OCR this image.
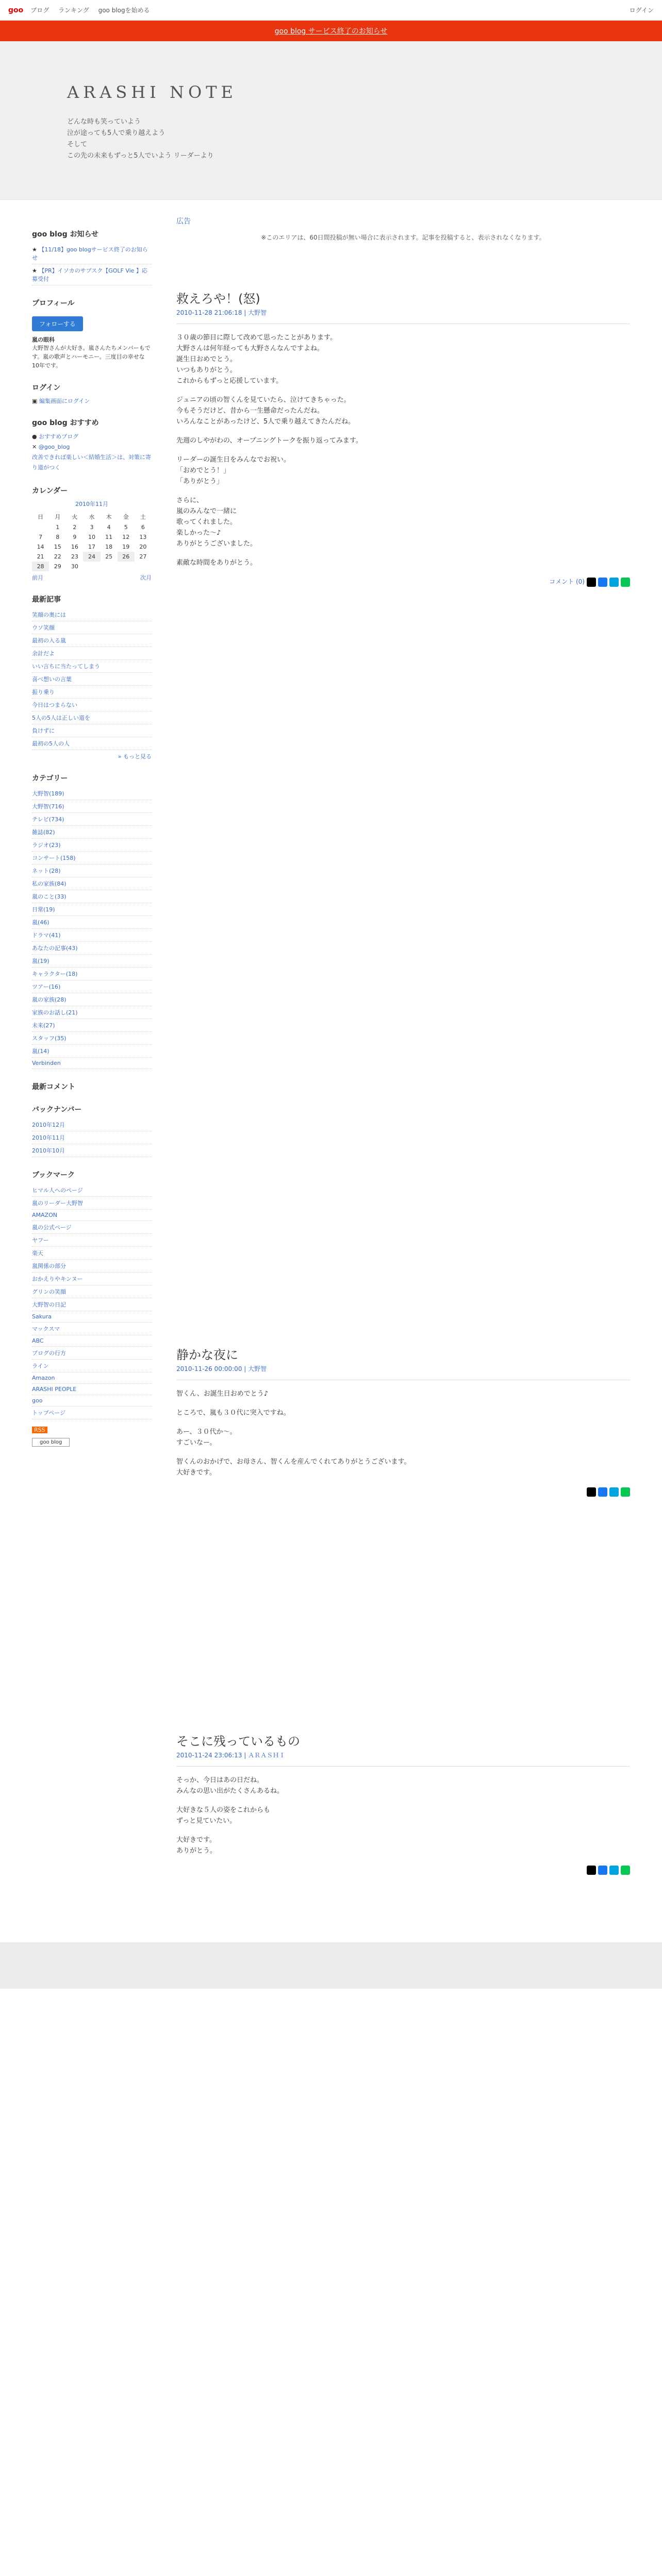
goo ブログ ランキング goo blogを始める	ログイン
goo blog サービス終了のお知らせ
ARASHI NOTE
どんな時も笑っていよう
泣が途っても5人で乗り越えよう
そして
この先の未来もずっと5人でいよう リーダーより
goo blog お知らせ
★ 【11/18】goo blogサービス終了のお知らせ
★ 【PR】イソカのサブスク【GOLF Vie 】応募受付
プロフィール
フォローする
嵐の眼科
大野智さんが大好き。嵐さんたちメンバーもです。嵐の歌声とハーモニー。三度目の幸せな10年です。
ログイン
▣ 編集画面にログイン
goo blog おすすめ
● おすすめブログ
✕ @goo_blog
改善できれば楽しい＜結婚生活＞は、対策に寄り道がつく
カレンダー
2010年11月
日	月	火	水	木	金	土
	1	2	3	4	5	6
7	8	9	10	11	12	13
14	15	16	17	18	19	20
21	22	23	24	25	26	27
28	29	30				
前月	次月
最新記事
笑顔の奥には
ウソ笑顔
最初の入る嵐
余計だよ
いい言ちに当たってしまう
喜べ想いの言葉
振り乗り
今日はつまらない
5人の5人は正しい道を
負けずに
最初の5人の人
» もっと見る
カテゴリー
大野智(189)
大野智(716)
テレビ(734)
雑誌(82)
ラジオ(23)
コンサート(158)
ネット(28)
私の家族(84)
嵐のこと(33)
日常(19)
嵐(46)
ドラマ(41)
あなたの記事(43)
嵐(19)
キャラクター(18)
ツアー(16)
嵐の家族(28)
家族のお話し(21)
未来(27)
スタッフ(35)
嵐(14)
Verbinden
最新コメント
バックナンバー
2010年12月
2010年11月
2010年10月
ブックマーク
ヒマル人へのページ
嵐のリーダー大野智
AMAZON
嵐の公式ページ
ヤフー
楽天
嵐関係の部分
おかえりやキンヌー
グリンの笑顔
大野智の日記
Sakura
マックスマ
ABC
ブログの行方
ライン
Amazon
ARASHI PEOPLE
goo
トップページ
RSS
goo blog
広告
※このエリアは、60日間投稿が無い場合に表示されます。記事を投稿すると、表示されなくなります。
救えろや！(怒)
2010-11-28 21:06:18 | 大野智

３０歳の節目に際して改めて思ったことがあります。
大野さんは何年経っても大野さんなんですよね。
誕生日おめでとう。
いつもありがとう。
これからもずっと応援しています。

ジュニアの頃の智くんを見ていたら、泣けてきちゃった。
今もそうだけど、昔から一生懸命だったんだね。
いろんなことがあったけど、5人で乗り越えてきたんだね。

先週のしやがわの、オープニングトークを振り返ってみます。

リーダーの誕生日をみんなでお祝い。
「おめでとう！」
「ありがとう」

さらに、
嵐のみんなで一緒に
歌ってくれました。
楽しかった〜♪
ありがとうございました。

素敵な時間をありがとう。

コメント (0)
静かな夜に
2010-11-26 00:00:00 | 大野智

智くん、お誕生日おめでとう♪

ところで、嵐も３０代に突入ですね。

あー、３０代か〜。
すごいなー。

智くんのおかげで、お母さん、智くんを産んでくれてありがとうございます。
大好きです。

そこに残っているもの
2010-11-24 23:06:13 | ＡＲＡＳＨＩ

そっか、今日はあの日だね。
みんなの思い出がたくさんあるね。

大好きな５人の姿をこれからも
ずっと見ていたい。

大好きです。
ありがとう。
